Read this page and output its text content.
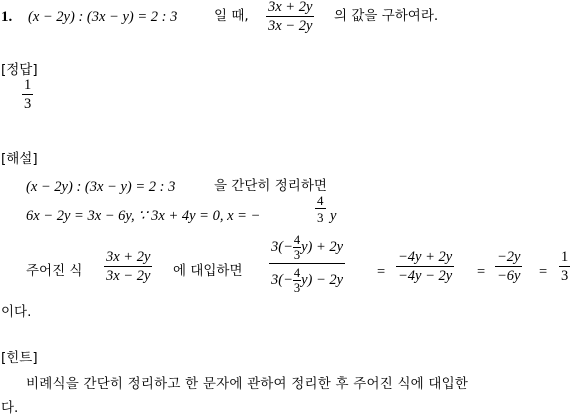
1. (x − 2y) : (3x − y) = 2 : 3	일 때, $\frac{3x + 2y}{3x - 2y}$ 의 값을 구하여라.
[정답]
$\frac{1}{3}$
[해설]
(x − 2y) : (3x − y) = 2 : 3	을 간단히 정리하면
6x − 2y = 3x − 6y, ∵ 3x + 4y = 0, x = −	$\frac{4}{3}$ y
주어진 식 $\frac{3x + 2y}{3x - 2y}$ 에 대입하면 $\frac{3(- \frac{4}{3} y) + 2y}{3(- \frac{4}{3} y) - 2y} = \frac{-4y + 2y}{-4y - 2y} = \frac{-2y}{-6y} = \frac{1}{3}$
이다.
[힌트]
비례식을 간단히 정리하고 한 문자에 관하여 정리한 후 주어진 식에 대입한
다.
